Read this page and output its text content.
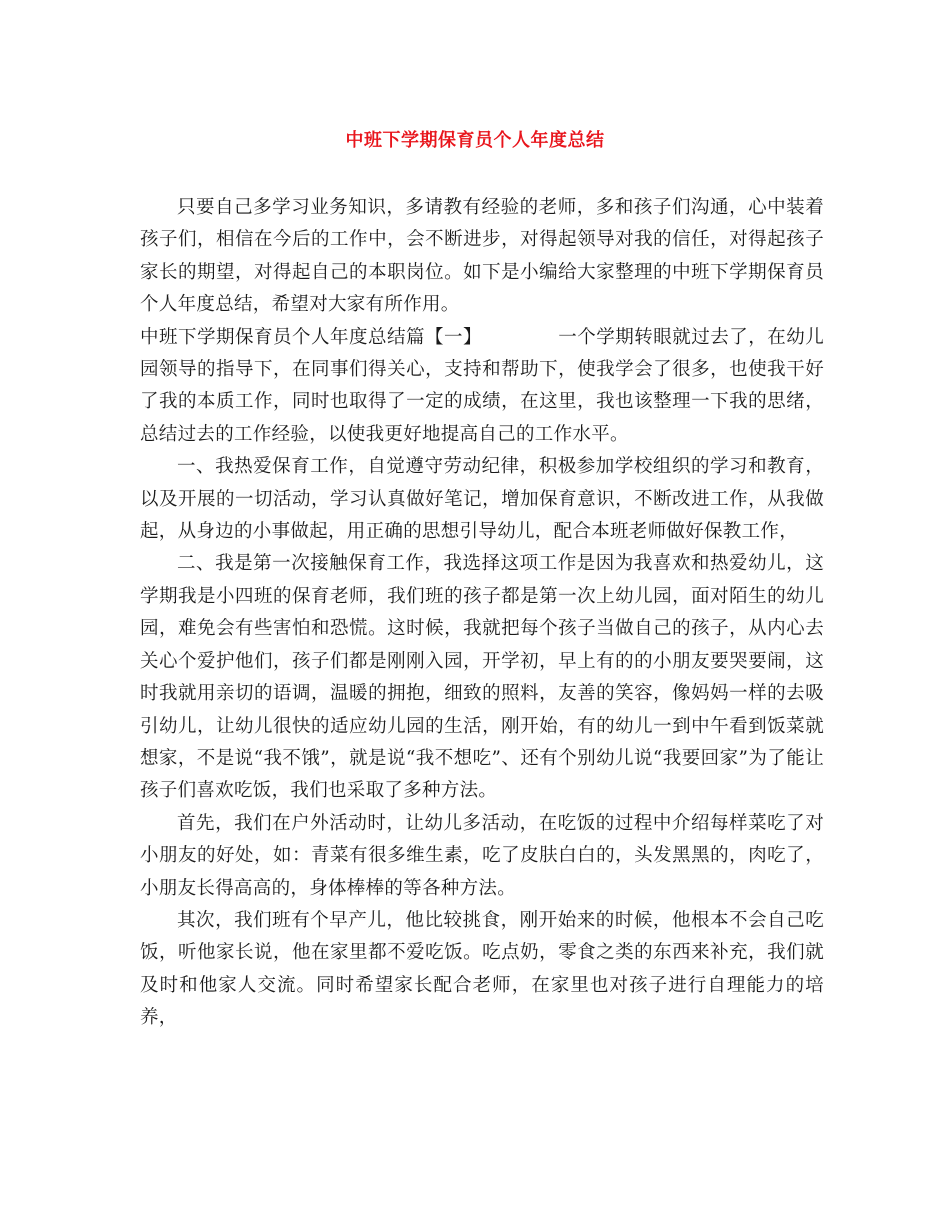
中班下学期保育员个人年度总结

只要自己多学习业务知识，多请教有经验的老师，多和孩子们沟通，心中装着孩子们，相信在今后的工作中，会不断进步，对得起领导对我的信任，对得起孩子家长的期望，对得起自己的本职岗位。如下是小编给大家整理的中班下学期保育员个人年度总结，希望对大家有所作用。

中班下学期保育员个人年度总结篇【一】	一个学期转眼就过去了，在幼儿园领导的指导下，在同事们得关心，支持和帮助下，使我学会了很多，也使我干好了我的本质工作，同时也取得了一定的成绩，在这里，我也该整理一下我的思绪，总结过去的工作经验，以使我更好地提高自己的工作水平。

一、我热爱保育工作，自觉遵守劳动纪律，积极参加学校组织的学习和教育，以及开展的一切活动，学习认真做好笔记，增加保育意识，不断改进工作，从我做起，从身边的小事做起，用正确的思想引导幼儿，配合本班老师做好保教工作，

二、我是第一次接触保育工作，我选择这项工作是因为我喜欢和热爱幼儿，这学期我是小四班的保育老师，我们班的孩子都是第一次上幼儿园，面对陌生的幼儿园，难免会有些害怕和恐慌。这时候，我就把每个孩子当做自己的孩子，从内心去关心个爱护他们，孩子们都是刚刚入园，开学初，早上有的的小朋友要哭要闹，这时我就用亲切的语调，温暖的拥抱，细致的照料，友善的笑容，像妈妈一样的去吸引幼儿，让幼儿很快的适应幼儿园的生活，刚开始，有的幼儿一到中午看到饭菜就想家，不是说“我不饿”，就是说“我不想吃”、还有个别幼儿说“我要回家”为了能让孩子们喜欢吃饭，我们也采取了多种方法。

首先，我们在户外活动时，让幼儿多活动，在吃饭的过程中介绍每样菜吃了对小朋友的好处，如：青菜有很多维生素，吃了皮肤白白的，头发黑黑的，肉吃了，小朋友长得高高的，身体棒棒的等各种方法。

其次，我们班有个早产儿，他比较挑食，刚开始来的时候，他根本不会自己吃饭，听他家长说，他在家里都不爱吃饭。吃点奶，零食之类的东西来补充，我们就及时和他家人交流。同时希望家长配合老师，在家里也对孩子进行自理能力的培养，
